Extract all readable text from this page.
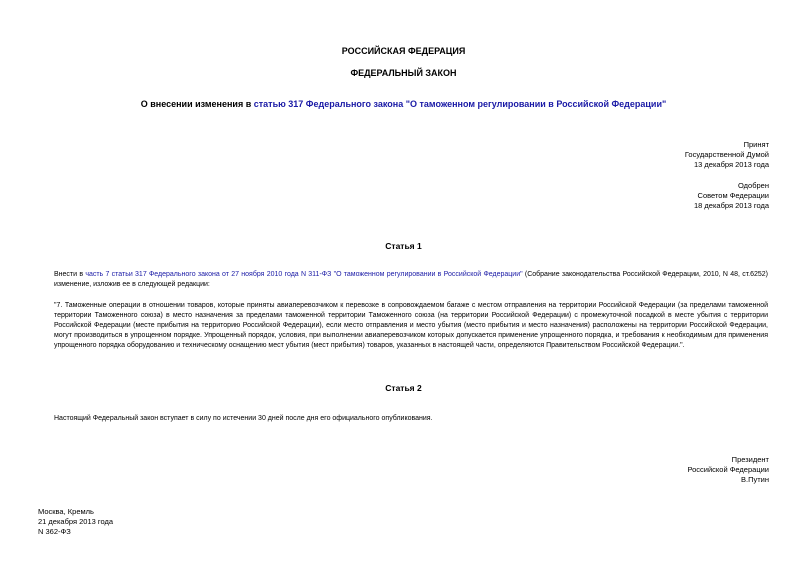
РОССИЙСКАЯ ФЕДЕРАЦИЯ
ФЕДЕРАЛЬНЫЙ ЗАКОН
О внесении изменения в статью 317 Федерального закона "О таможенном регулировании в Российской Федерации"
Принят
Государственной Думой
13 декабря 2013 года
Одобрен
Советом Федерации
18 декабря 2013 года
Статья 1
Внести в часть 7 статьи 317 Федерального закона от 27 ноября 2010 года N 311-ФЗ "О таможенном регулировании в Российской Федерации" (Собрание законодательства Российской Федерации, 2010, N 48, ст.6252) изменение, изложив ее в следующей редакции:
"7. Таможенные операции в отношении товаров, которые приняты авиаперевозчиком к перевозке в сопровождаемом багаже с местом отправления на территории Российской Федерации (за пределами таможенной территории Таможенного союза) в место назначения за пределами таможенной территории Таможенного союза (на территории Российской Федерации) с промежуточной посадкой в месте убытия с территории Российской Федерации (месте прибытия на территорию Российской Федерации), если место отправления и место убытия (место прибытия и место назначения) расположены на территории Российской Федерации, могут производиться в упрощенном порядке. Упрощенный порядок, условия, при выполнении авиаперевозчиком которых допускается применение упрощенного порядка, и требования к необходимым для применения упрощенного порядка оборудованию и техническому оснащению мест убытия (мест прибытия) товаров, указанных в настоящей части, определяются Правительством Российской Федерации.".
Статья 2
Настоящий Федеральный закон вступает в силу по истечении 30 дней после дня его официального опубликования.
Президент
Российской Федерации
В.Путин
Москва, Кремль
21 декабря 2013 года
N 362-ФЗ
